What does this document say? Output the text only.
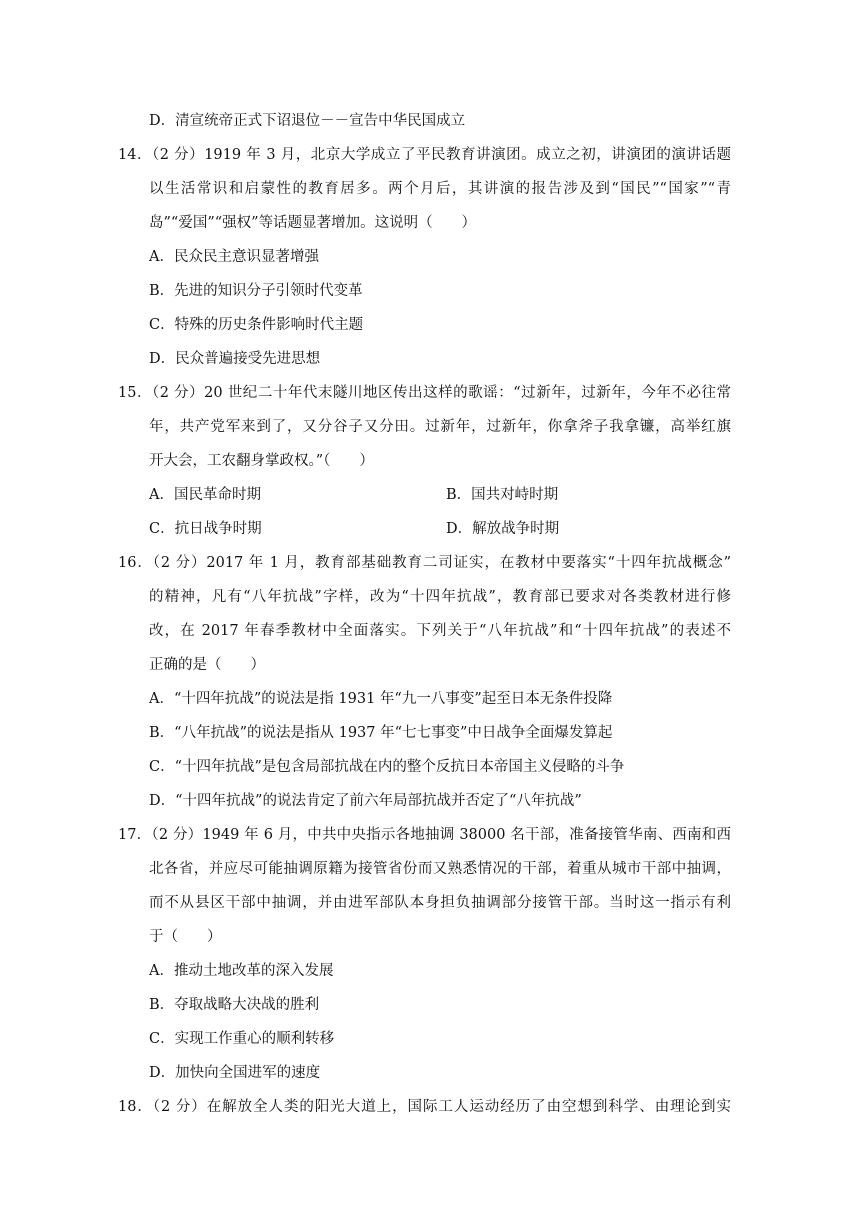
D．清宣统帝正式下诏退位－－宣告中华民国成立
14．（2 分）1919 年 3 月，北京大学成立了平民教育讲演团。成立之初，讲演团的演讲话题
以生活常识和启蒙性的教育居多。两个月后，其讲演的报告涉及到“国民”“国家”“青
岛”“爱国”“强权”等话题显著增加。这说明（　　）
A．民众民主意识显著增强
B．先进的知识分子引领时代变革
C．特殊的历史条件影响时代主题
D．民众普遍接受先进思想
15．（2 分）20 世纪二十年代末隧川地区传出这样的歌谣：“过新年，过新年，今年不必往常
年，共产党军来到了，又分谷子又分田。过新年，过新年，你拿斧子我拿镰，高举红旗
开大会，工农翻身掌政权。”（　　）
A．国民革命时期	B．国共对峙时期
C．抗日战争时期	D．解放战争时期
16．（2 分）2017 年 1 月，教育部基础教育二司证实，在教材中要落实“十四年抗战概念”
的精神，凡有“八年抗战”字样，改为“十四年抗战”，教育部已要求对各类教材进行修
改，在 2017 年春季教材中全面落实。下列关于“八年抗战”和“十四年抗战”的表述不
正确的是（　　）
A．“十四年抗战”的说法是指 1931 年“九一八事变”起至日本无条件投降
B．“八年抗战”的说法是指从 1937 年“七七事变”中日战争全面爆发算起
C．“十四年抗战”是包含局部抗战在内的整个反抗日本帝国主义侵略的斗争
D．“十四年抗战”的说法肯定了前六年局部抗战并否定了“八年抗战”
17．（2 分）1949 年 6 月，中共中央指示各地抽调 38000 名干部，准备接管华南、西南和西
北各省，并应尽可能抽调原籍为接管省份而又熟悉情况的干部，着重从城市干部中抽调，
而不从县区干部中抽调，并由进军部队本身担负抽调部分接管干部。当时这一指示有利
于（　　）
A．推动土地改革的深入发展
B．夺取战略大决战的胜利
C．实现工作重心的顺利转移
D．加快向全国进军的速度
18．（2 分）在解放全人类的阳光大道上，国际工人运动经历了由空想到科学、由理论到实
